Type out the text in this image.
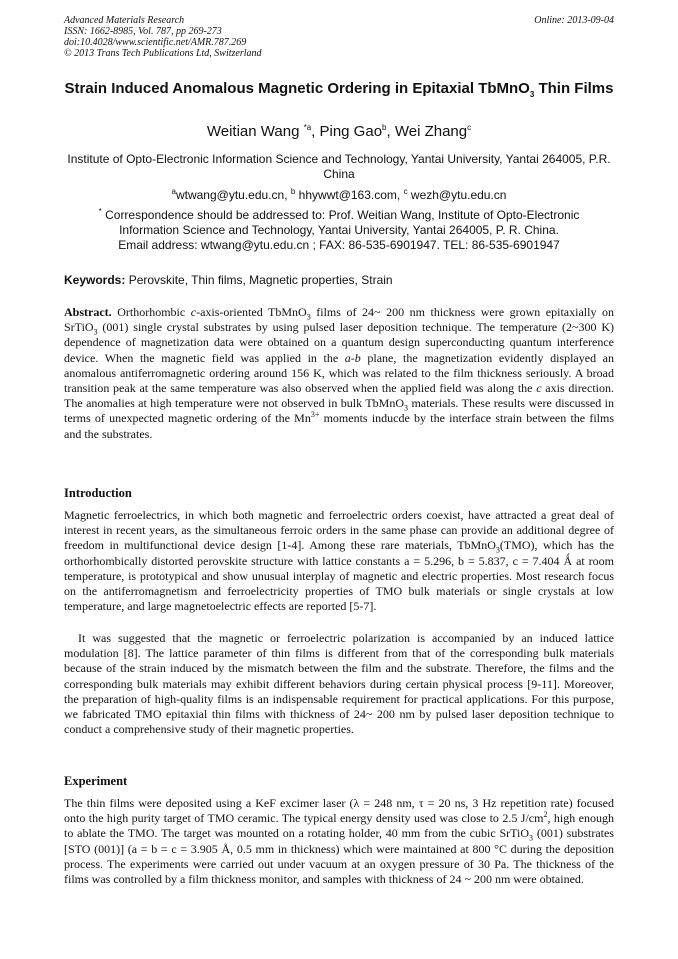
Advanced Materials Research
ISSN: 1662-8985, Vol. 787, pp 269-273
doi:10.4028/www.scientific.net/AMR.787.269
© 2013 Trans Tech Publications Ltd, Switzerland
Online: 2013-09-04
Strain Induced Anomalous Magnetic Ordering in Epitaxial TbMnO$_3$ Thin Films
Weitian Wang $^{*a}$, Ping Gao$^b$, Wei Zhang$^c$
Institute of Opto-Electronic Information Science and Technology, Yantai University, Yantai 264005, P.R. China
$^a$wtwang@ytu.edu.cn, $^b$ hhywwt@163.com, $^c$ wezh@ytu.edu.cn
* Correspondence should be addressed to: Prof. Weitian Wang, Institute of Opto-Electronic
Information Science and Technology, Yantai University, Yantai 264005, P. R. China.
Email address: wtwang@ytu.edu.cn ; FAX: 86-535-6901947. TEL: 86-535-6901947
Keywords: Perovskite, Thin films, Magnetic properties, Strain

Abstract. Orthorhombic c-axis-oriented TbMnO$_3$ films of 24~ 200 nm thickness were grown epitaxially on SrTiO$_3$ (001) single crystal substrates by using pulsed laser deposition technique. The temperature (2~300 K) dependence of magnetization data were obtained on a quantum design superconducting quantum interference device. When the magnetic field was applied in the a-b plane, the magnetization evidently displayed an anomalous antiferromagnetic ordering around 156 K, which was related to the film thickness seriously. A broad transition peak at the same temperature was also observed when the applied field was along the c axis direction. The anomalies at high temperature were not observed in bulk TbMnO$_3$ materials. These results were discussed in terms of unexpected magnetic ordering of the $Mn^{3+}$ moments inducde by the interface strain between the films and the substrates.

Introduction

Magnetic ferroelectrics, in which both magnetic and ferroelectric orders coexist, have attracted a great deal of interest in recent years, as the simultaneous ferroic orders in the same phase can provide an additional degree of freedom in multifunctional device design [1-4]. Among these rare materials, TbMnO$_3$(TMO), which has the orthorhombically distorted perovskite structure with lattice constants a = 5.296, b = 5.837, c = 7.404 Ǻ at room temperature, is prototypical and show unusual interplay of magnetic and electric properties. Most research focus on the antiferromagnetism and ferroelectricity properties of TMO bulk materials or single crystals at low temperature, and large magnetoelectric effects are reported [5-7].

It was suggested that the magnetic or ferroelectric polarization is accompanied by an induced lattice modulation [8]. The lattice parameter of thin films is different from that of the corresponding bulk materials because of the strain induced by the mismatch between the film and the substrate. Therefore, the films and the corresponding bulk materials may exhibit different behaviors during certain physical process [9-11]. Moreover, the preparation of high-quality films is an indispensable requirement for practical applications. For this purpose, we fabricated TMO epitaxial thin films with thickness of 24~ 200 nm by pulsed laser deposition technique to conduct a comprehensive study of their magnetic properties.

Experiment

The thin films were deposited using a KeF excimer laser (λ = 248 nm, τ = 20 ns, 3 Hz repetition rate) focused onto the high purity target of TMO ceramic. The typical energy density used was close to 2.5 $J/cm^2$, high enough to ablate the TMO. The target was mounted on a rotating holder, 40 mm from the cubic SrTiO$_3$ (001) substrates [STO (001)] (a = b = c = 3.905 Å, 0.5 mm in thickness) which were maintained at 800 °C during the deposition process. The experiments were carried out under vacuum at an oxygen pressure of 30 Pa. The thickness of the films was controlled by a film thickness monitor, and samples with thickness of 24 ~ 200 nm were obtained.
